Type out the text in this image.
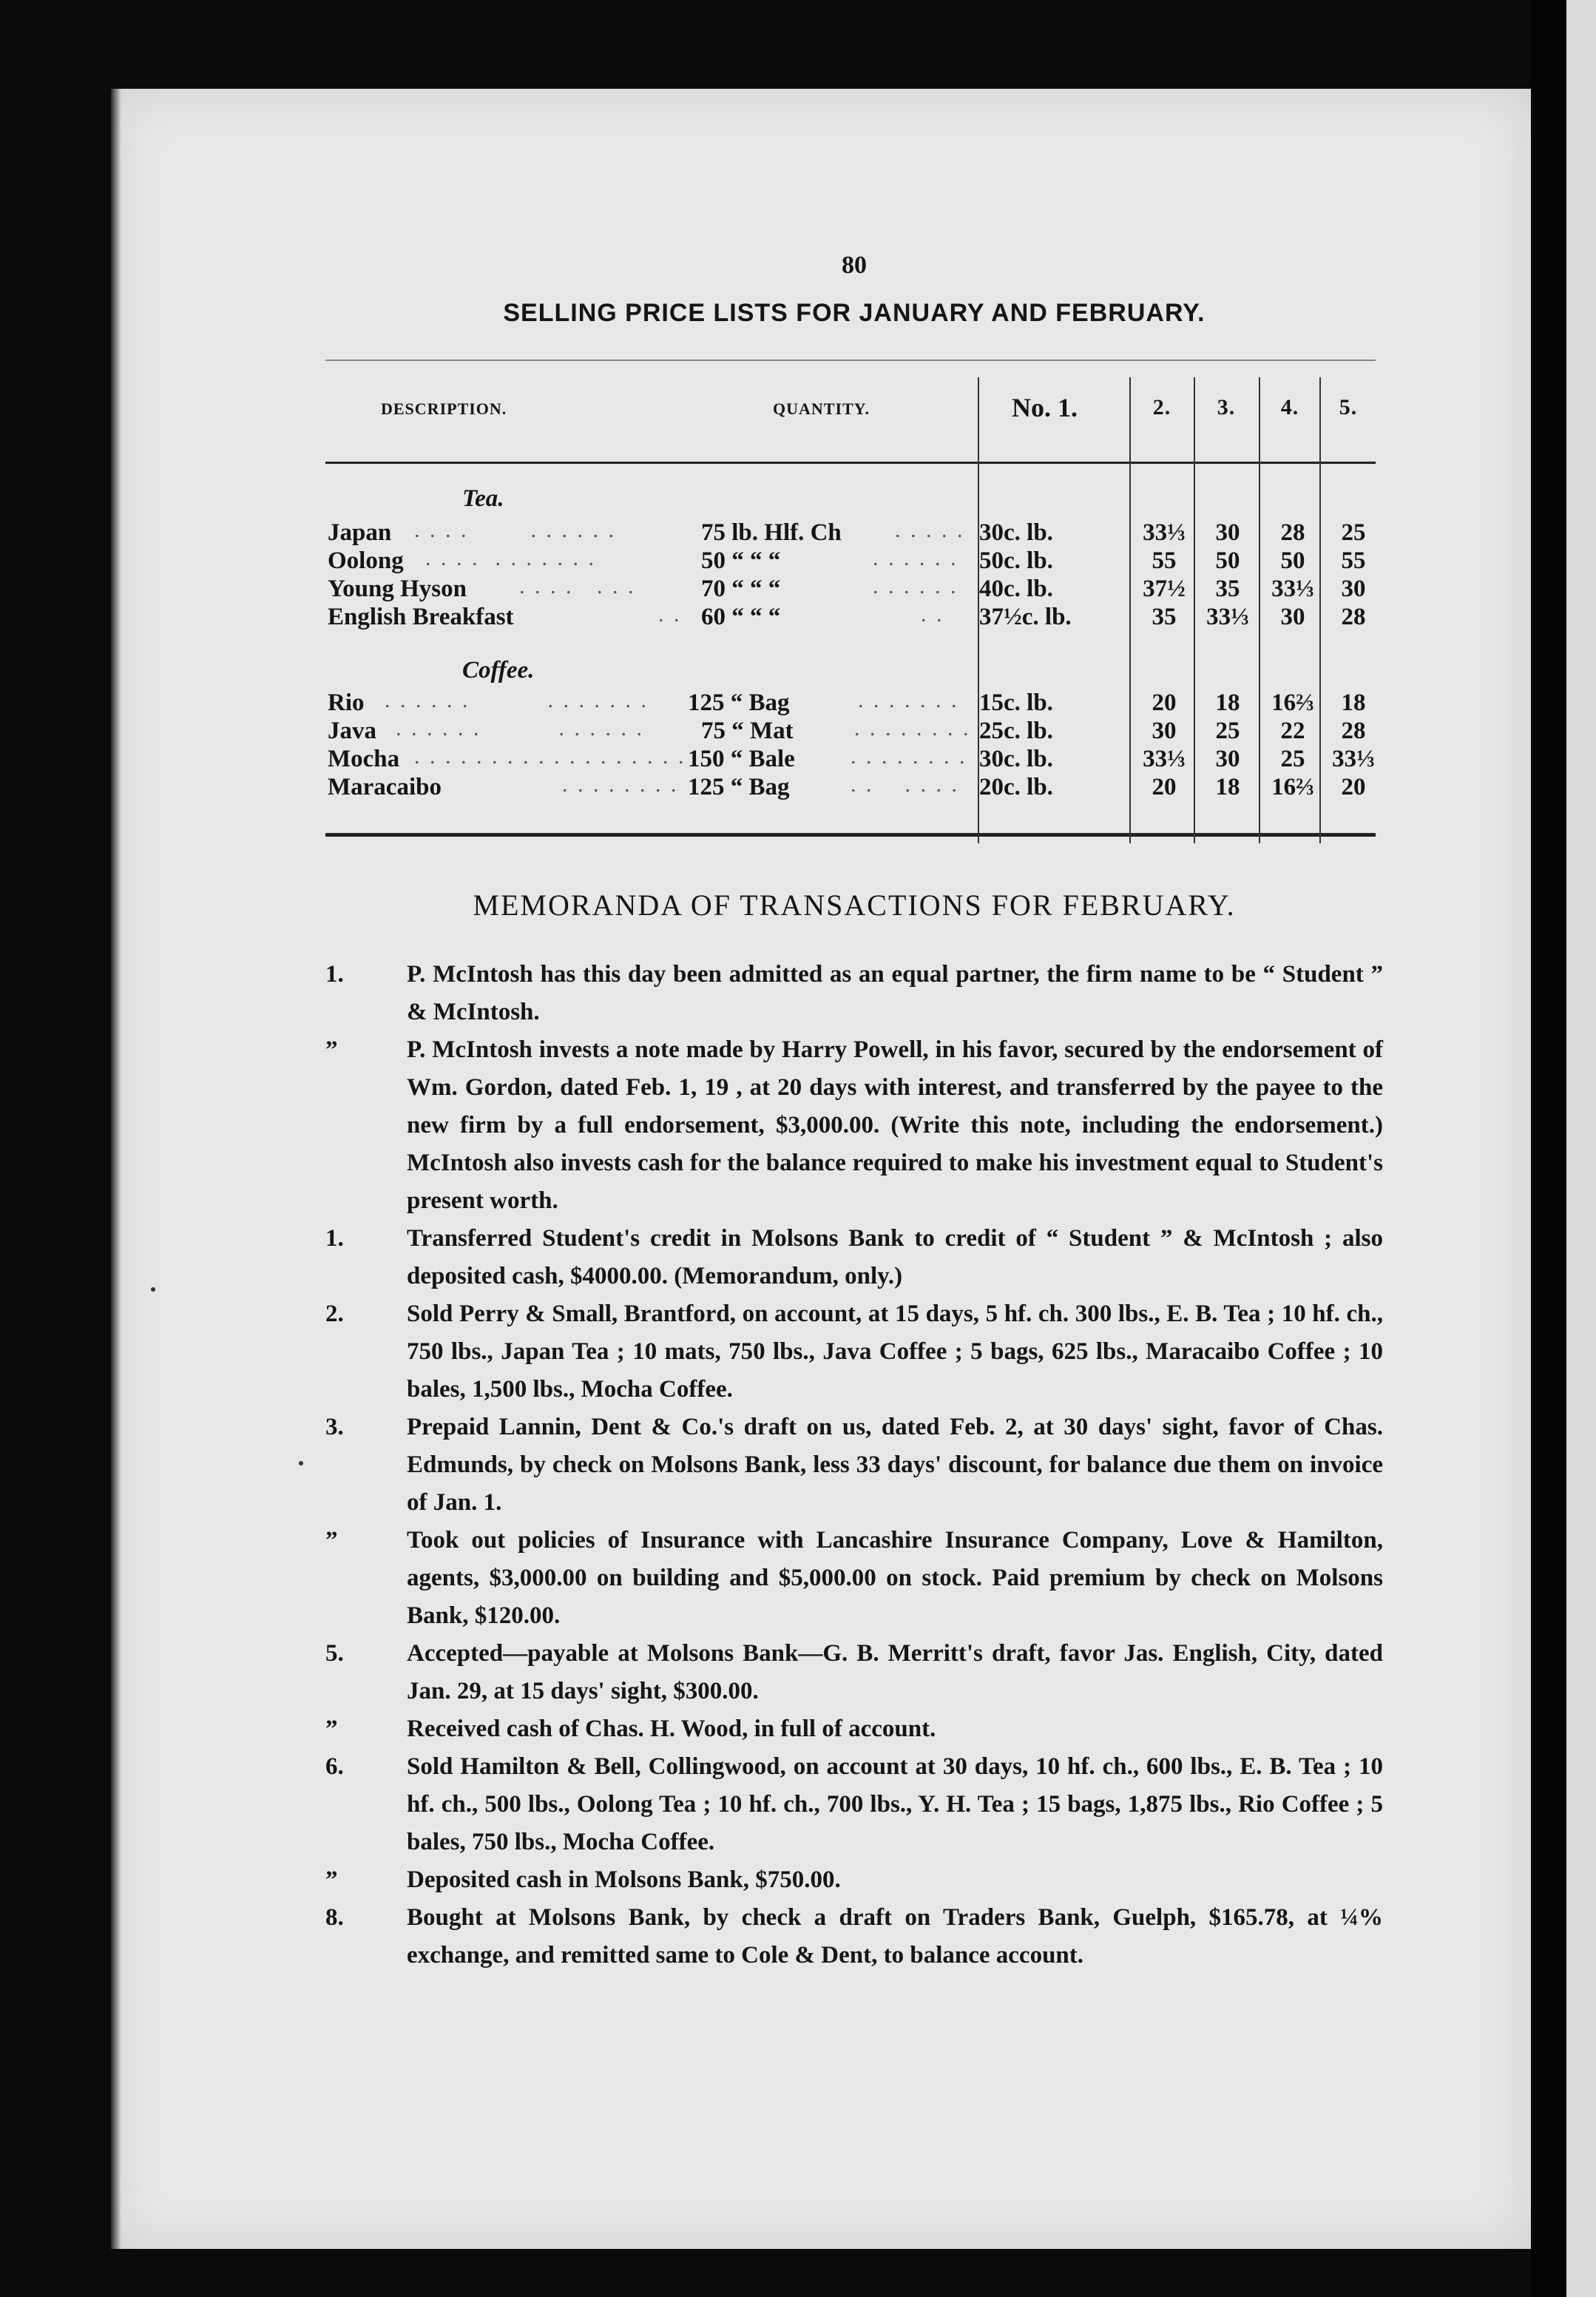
80
SELLING PRICE LISTS FOR JANUARY AND FEBRUARY.
DESCRIPTION.	QUANTITY.	No. 1.	2.	3.	4.	5.
Tea.
. . . .        . . . . . .
Japan	75 lb. Hlf. Ch . . . . . 30c. lb.	33⅓	30	28	25
. . . .  . . . . . . .
Oolong	50 “ “ “	. . . . . . 50c. lb.	55	50	50	55
. . . .   . . .
Young Hyson	70 “ “ “	. . . . . . 40c. lb.	37½	35	33⅓	30
. .
English Breakfast	60 “ “ “	. . 37½c. lb.	35	33⅓	30	28
Coffee.
. . . . . .          . . . . . . .
Rio	125 “ Bag	. . . . . . . 15c. lb.	20	18	16⅔	18
. . . . . .          . . . . . .
Java	75 “ Mat	. . . . . . . . 25c. lb.	30	25	22	28
. . . . . . . . . . . . . . . . . .
Mocha	150 “ Bale	. . . . . . . . 30c. lb.	33⅓	30	25	33⅓
. . . . . . . .
Maracaibo	125 “ Bag	. .    . . . . 20c. lb.	20	18	16⅔	20
MEMORANDA OF TRANSACTIONS FOR FEBRUARY.
1.	P. McIntosh has this day been admitted as an equal partner, the firm name to be “ Student ” & McIntosh.
”	P. McIntosh invests a note made by Harry Powell, in his favor, secured by the endorsement of Wm. Gordon, dated Feb. 1, 19 , at 20 days with interest, and transferred by the payee to the new firm by a full endorsement, $3,000.00. (Write this note, including the endorsement.) McIntosh also invests cash for the balance required to make his investment equal to Student's present worth.
1.	Transferred Student's credit in Molsons Bank to credit of “ Student ” & McIntosh ; also deposited cash, $4000.00. (Memorandum, only.)
2.	Sold Perry & Small, Brantford, on account, at 15 days, 5 hf. ch. 300 lbs., E. B. Tea ; 10 hf. ch., 750 lbs., Japan Tea ; 10 mats, 750 lbs., Java Coffee ; 5 bags, 625 lbs., Maracaibo Coffee ; 10 bales, 1,500 lbs., Mocha Coffee.
3.	Prepaid Lannin, Dent & Co.'s draft on us, dated Feb. 2, at 30 days' sight, favor of Chas. Edmunds, by check on Molsons Bank, less 33 days' discount, for balance due them on invoice of Jan. 1.
”	Took out policies of Insurance with Lancashire Insurance Company, Love & Hamilton, agents, $3,000.00 on building and $5,000.00 on stock. Paid premium by check on Molsons Bank, $120.00.
5.	Accepted—payable at Molsons Bank—G. B. Merritt's draft, favor Jas. English, City, dated Jan. 29, at 15 days' sight, $300.00.
”	Received cash of Chas. H. Wood, in full of account.
6.	Sold Hamilton & Bell, Collingwood, on account at 30 days, 10 hf. ch., 600 lbs., E. B. Tea ; 10 hf. ch., 500 lbs., Oolong Tea ; 10 hf. ch., 700 lbs., Y. H. Tea ; 15 bags, 1,875 lbs., Rio Coffee ; 5 bales, 750 lbs., Mocha Coffee.
”	Deposited cash in Molsons Bank, $750.00.
8.	Bought at Molsons Bank, by check a draft on Traders Bank, Guelph, $165.78, at ¼% exchange, and remitted same to Cole & Dent, to balance account.
